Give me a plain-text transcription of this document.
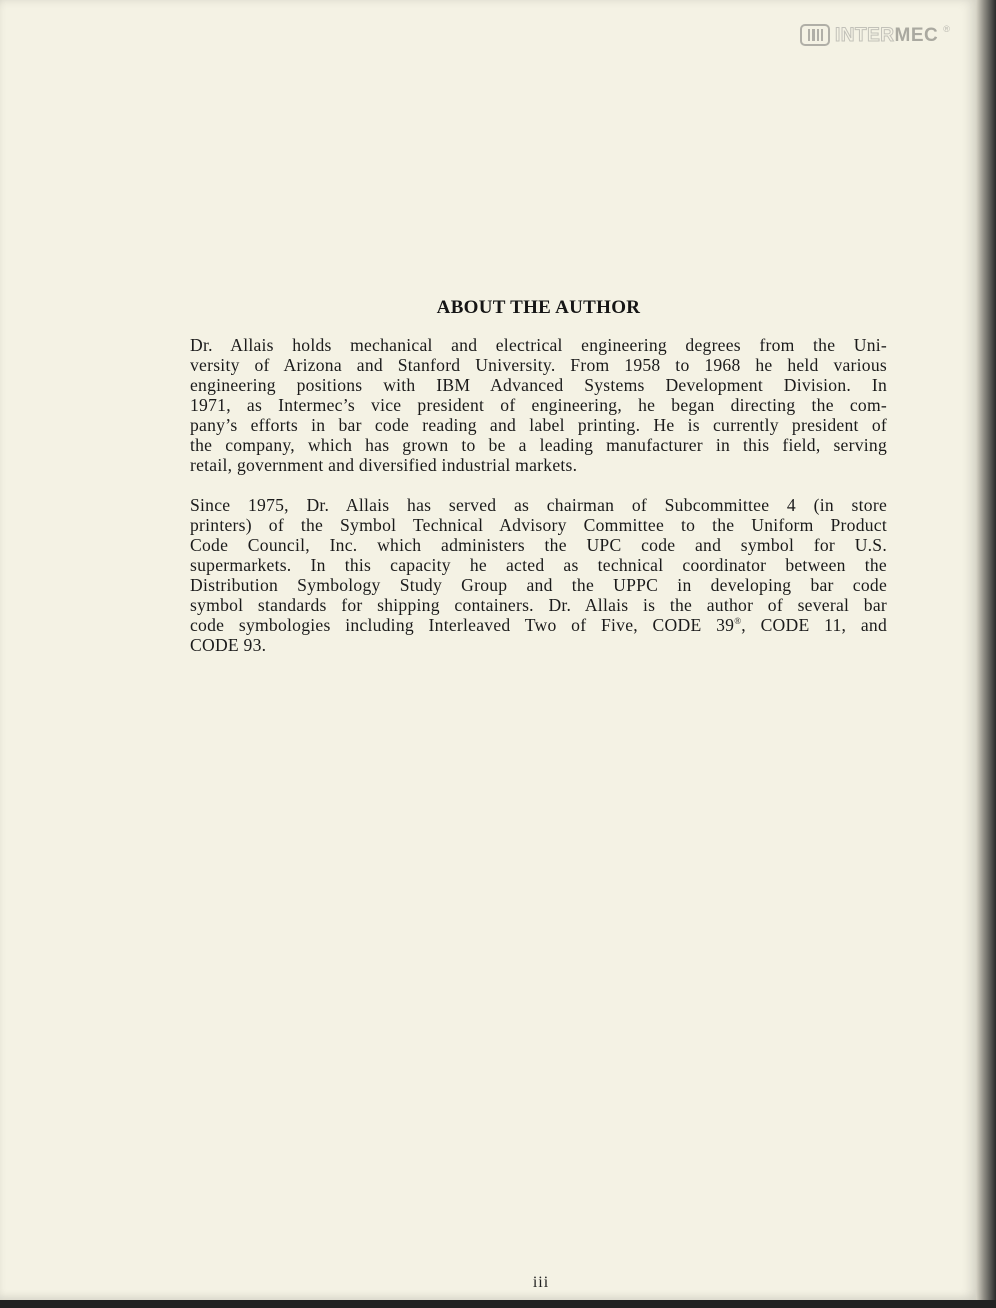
INTERMEC ®
ABOUT THE AUTHOR

Dr. Allais holds mechanical and electrical engineering degrees from the Uni-
versity of Arizona and Stanford University. From 1958 to 1968 he held various
engineering positions with IBM Advanced Systems Development Division. In
1971, as Intermec’s vice president of engineering, he began directing the com-
pany’s efforts in bar code reading and label printing. He is currently president of
the company, which has grown to be a leading manufacturer in this field, serving
retail, government and diversified industrial markets.

Since 1975, Dr. Allais has served as chairman of Subcommittee 4 (in store
printers) of the Symbol Technical Advisory Committee to the Uniform Product
Code Council, Inc. which administers the UPC code and symbol for U.S.
supermarkets. In this capacity he acted as technical coordinator between the
Distribution Symbology Study Group and the UPPC in developing bar code
symbol standards for shipping containers. Dr. Allais is the author of several bar
code symbologies including Interleaved Two of Five, CODE 39®, CODE 11, and
CODE 93.

iii
